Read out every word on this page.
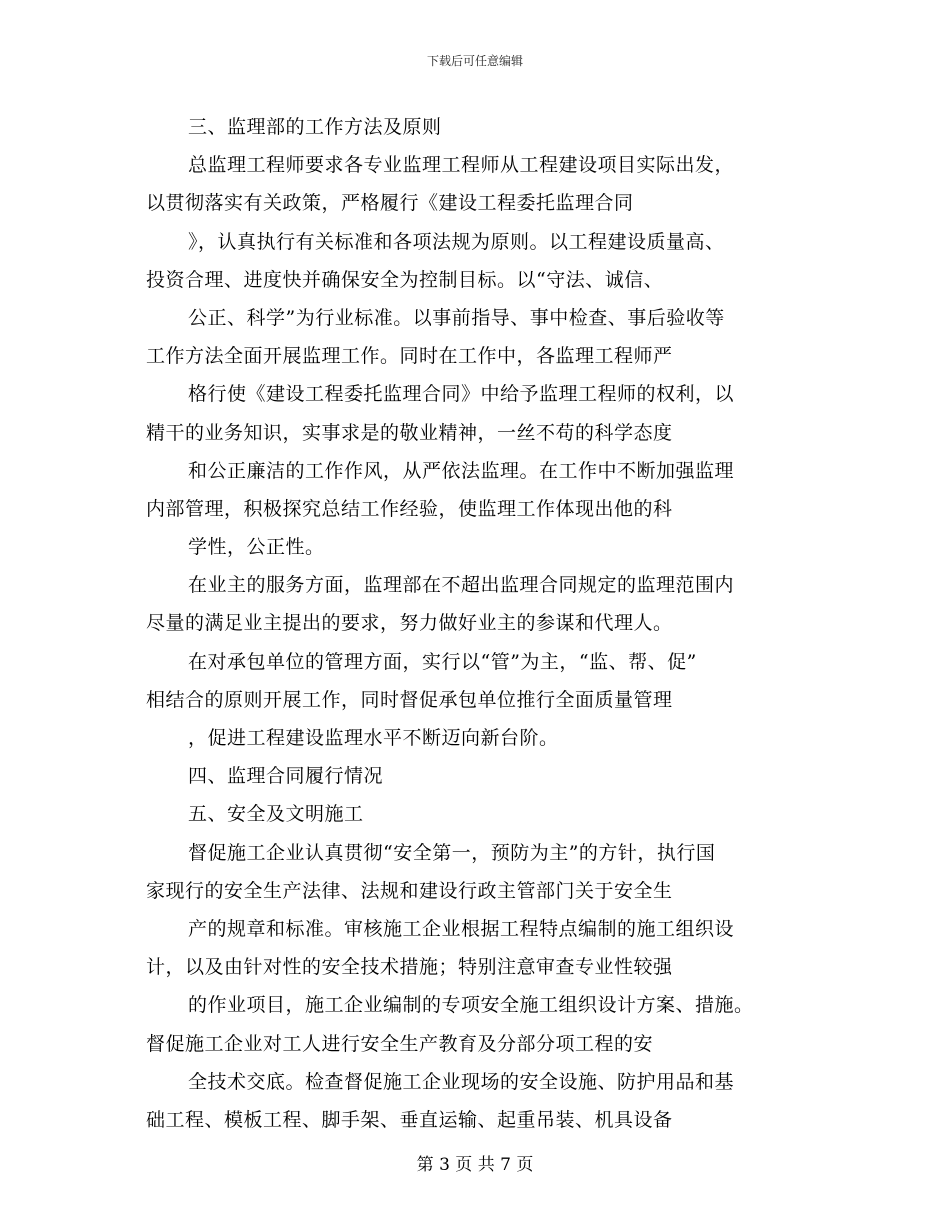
下载后可任意编辑
三、监理部的工作方法及原则
总监理工程师要求各专业监理工程师从工程建设项目实际出发，
以贯彻落实有关政策，严格履行《建设工程委托监理合同
》，认真执行有关标准和各项法规为原则。以工程建设质量高、
投资合理、进度快并确保安全为控制目标。以“守法、诚信、
公正、科学”为行业标准。以事前指导、事中检查、事后验收等
工作方法全面开展监理工作。同时在工作中，各监理工程师严
格行使《建设工程委托监理合同》中给予监理工程师的权利，以
精干的业务知识，实事求是的敬业精神，一丝不苟的科学态度
和公正廉洁的工作作风，从严依法监理。在工作中不断加强监理
内部管理，积极探究总结工作经验，使监理工作体现出他的科
学性，公正性。
在业主的服务方面，监理部在不超出监理合同规定的监理范围内
尽量的满足业主提出的要求，努力做好业主的参谋和代理人。
在对承包单位的管理方面，实行以“管”为主，“监、帮、促”
相结合的原则开展工作，同时督促承包单位推行全面质量管理
，促进工程建设监理水平不断迈向新台阶。
四、监理合同履行情况
五、安全及文明施工
督促施工企业认真贯彻“安全第一，预防为主”的方针，执行国
家现行的安全生产法律、法规和建设行政主管部门关于安全生
产的规章和标准。审核施工企业根据工程特点编制的施工组织设
计，以及由针对性的安全技术措施；特别注意审查专业性较强
的作业项目，施工企业编制的专项安全施工组织设计方案、措施。
督促施工企业对工人进行安全生产教育及分部分项工程的安
全技术交底。检查督促施工企业现场的安全设施、防护用品和基
础工程、模板工程、脚手架、垂直运输、起重吊装、机具设备
第 3 页 共 7 页
